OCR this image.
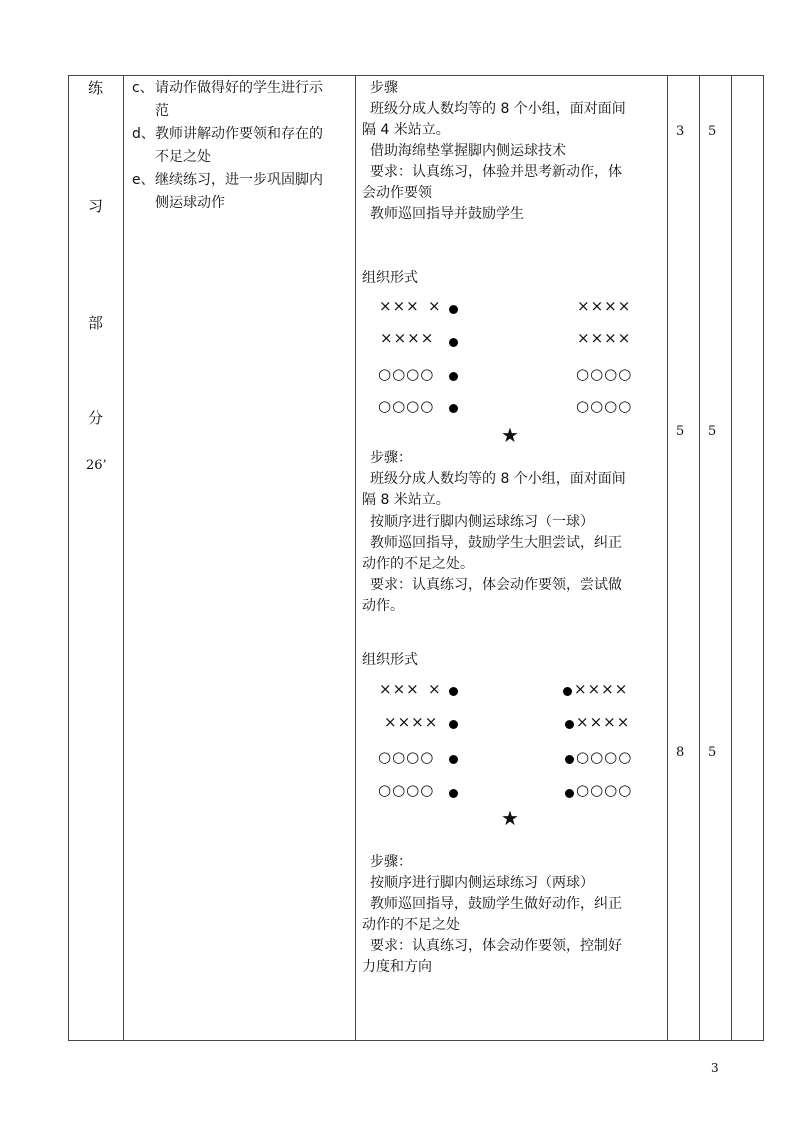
练
习
部
分
26’
c、 请动作做得好的学生进行示
范
d、 教师讲解动作要领和存在的
不足之处
e、 继续练习，进一步巩固脚内
侧运球动作
步骤
班级分成人数均等的 8 个小组，面对面间
隔 4 米站立。
借助海绵垫掌握脚内侧运球技术
要求：认真练习，体验并思考新动作，体
会动作要领
教师巡回指导并鼓励学生
组织形式
××× ×
××××
○○○○
○○○○
××××
××××
○○○○
○○○○
★
步骤：
班级分成人数均等的 8 个小组，面对面间
隔 8 米站立。
按顺序进行脚内侧运球练习（一球）
教师巡回指导，鼓励学生大胆尝试，纠正
动作的不足之处。
要求：认真练习，体会动作要领，尝试做
动作。
组织形式
××× ×
××××
○○○○
○○○○
××××
××××
○○○○
○○○○
★
步骤：
按顺序进行脚内侧运球练习（两球）
教师巡回指导，鼓励学生做好动作，纠正
动作的不足之处
要求：认真练习，体会动作要领，控制好
力度和方向
3 5
5 5
8 5
3
